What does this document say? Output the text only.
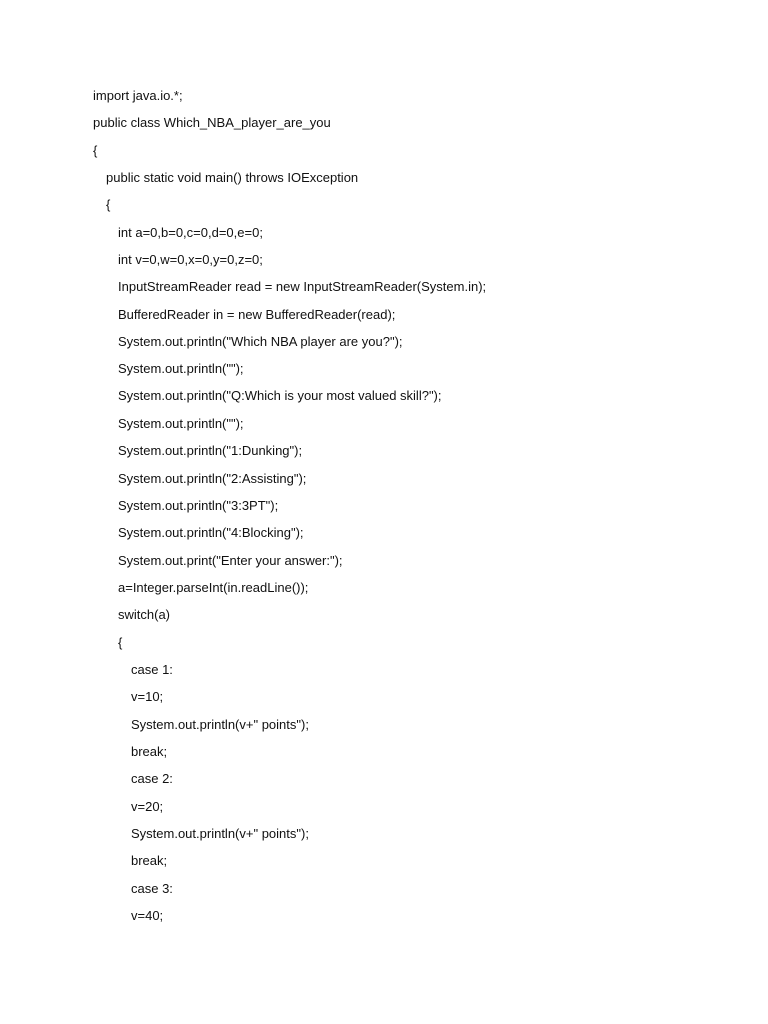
import java.io.*;
public class Which_NBA_player_are_you
{
public static void main() throws IOException
{
int a=0,b=0,c=0,d=0,e=0;
int v=0,w=0,x=0,y=0,z=0;
InputStreamReader read = new InputStreamReader(System.in);
BufferedReader in = new BufferedReader(read);
System.out.println("Which NBA player are you?");
System.out.println("");
System.out.println("Q:Which is your most valued skill?");
System.out.println("");
System.out.println("1:Dunking");
System.out.println("2:Assisting");
System.out.println("3:3PT");
System.out.println("4:Blocking");
System.out.print("Enter your answer:");
a=Integer.parseInt(in.readLine());
switch(a)
{
case 1:
v=10;
System.out.println(v+" points");
break;
case 2:
v=20;
System.out.println(v+" points");
break;
case 3:
v=40;
